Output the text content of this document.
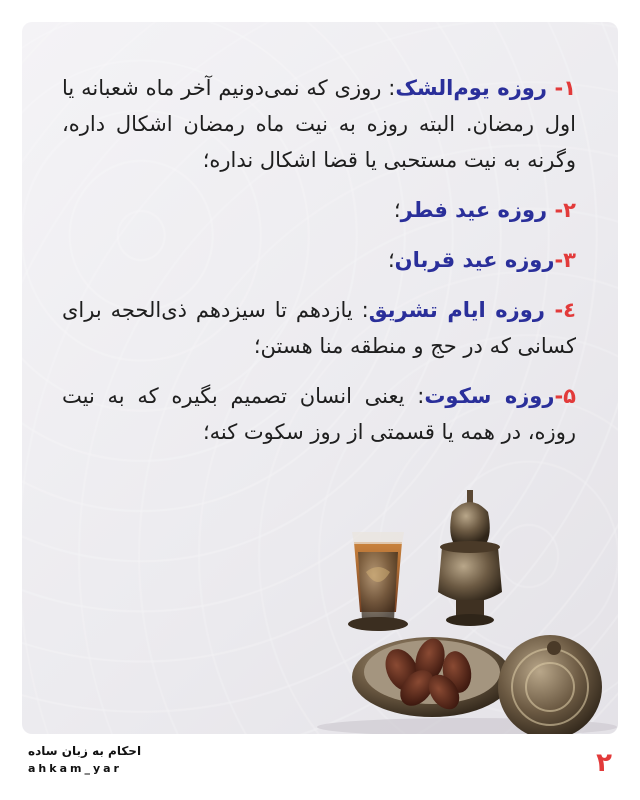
۱- روزه یوم‌الشک: روزی که نمی‌دونیم آخر ماه شعبانه یا اول رمضان. البته روزه به نیت ماه رمضان اشکال داره، وگرنه به نیت مستحبی یا قضا اشکال نداره؛

۲- روزه عید فطر؛

۳-روزه عید قربان؛

٤- روزه ایام تشریق: یازدهم تا سیزدهم ذی‌الحجه برای کسانی که در حج و منطقه منا هستن؛

۵-روزه سکوت: یعنی انسان تصمیم بگیره که به نیت روزه، در همه یا قسمتی از روز سکوت کنه؛

احکام به زبان ساده
ahkam_yar	۲
